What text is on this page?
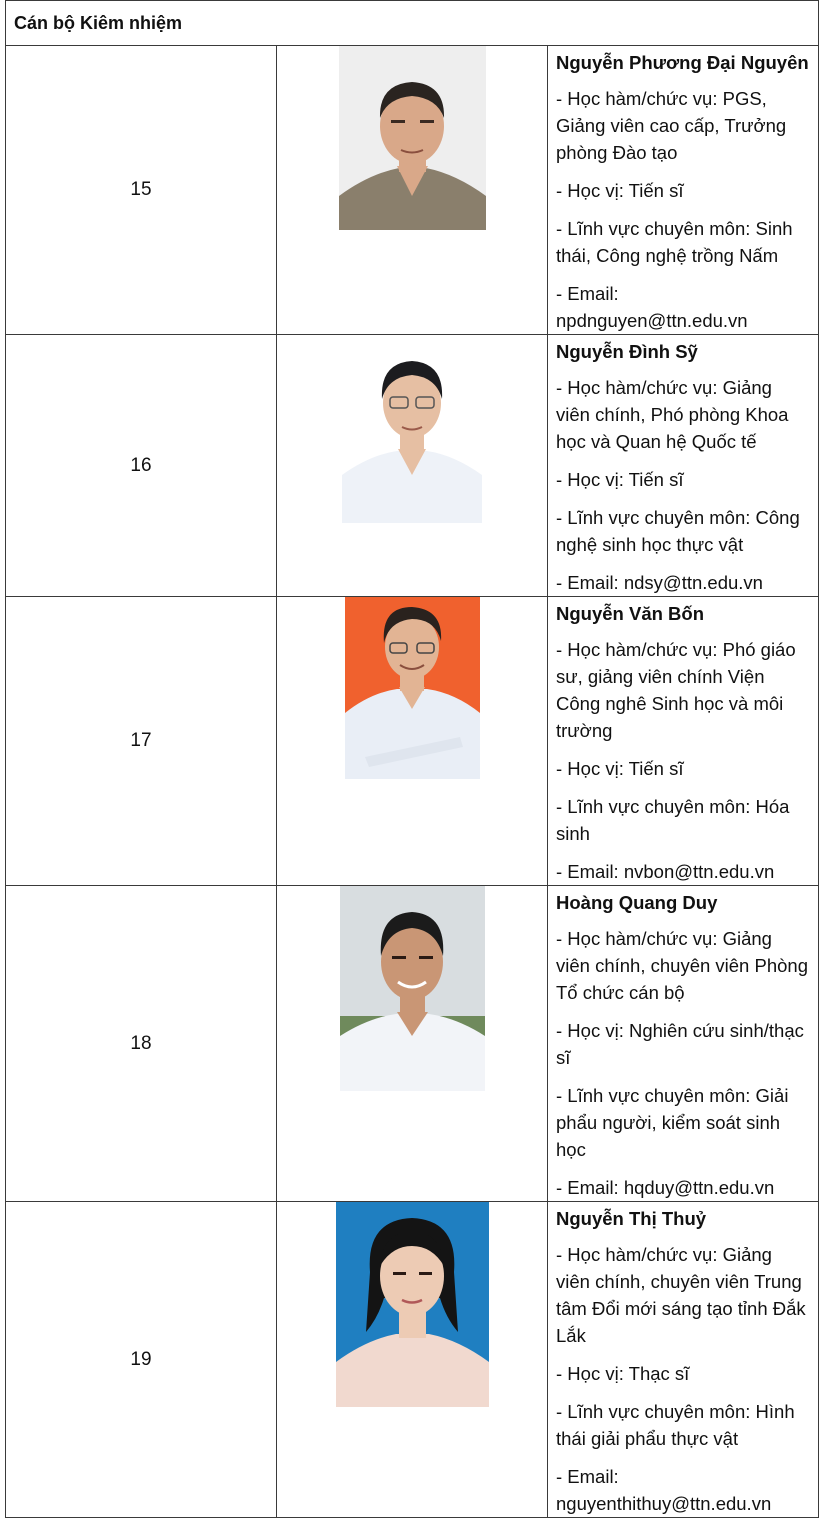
Cán bộ Kiêm nhiệm		
15		Nguyễn Phương Đại Nguyên
- Học hàm/chức vụ: PGS, Giảng viên cao cấp, Trưởng phòng Đào tạo
- Học vị: Tiến sĩ
- Lĩnh vực chuyên môn: Sinh thái, Công nghệ trồng Nấm
- Email: npdnguyen@ttn.edu.vn

16		Nguyễn Đình Sỹ
- Học hàm/chức vụ: Giảng viên chính, Phó phòng Khoa học và Quan hệ Quốc tế
- Học vị: Tiến sĩ
- Lĩnh vực chuyên môn: Công nghệ sinh học thực vật
- Email: ndsy@ttn.edu.vn

17		Nguyễn Văn Bốn
- Học hàm/chức vụ: Phó giáo sư, giảng viên chính Viện Công nghê Sinh học và môi trường
- Học vị: Tiến sĩ
- Lĩnh vực chuyên môn: Hóa sinh
- Email: nvbon@ttn.edu.vn

18		Hoàng Quang Duy
- Học hàm/chức vụ: Giảng viên chính, chuyên viên Phòng Tổ chức cán bộ
- Học vị: Nghiên cứu sinh/thạc sĩ
- Lĩnh vực chuyên môn: Giải phẩu người, kiểm soát sinh học
- Email: hqduy@ttn.edu.vn

19		Nguyễn Thị Thuỷ
- Học hàm/chức vụ: Giảng viên chính, chuyên viên Trung tâm Đổi mới sáng tạo tỉnh Đắk Lắk
- Học vị: Thạc sĩ
- Lĩnh vực chuyên môn: Hình thái giải phẩu thực vật
- Email: nguyenthithuy@ttn.edu.vn
